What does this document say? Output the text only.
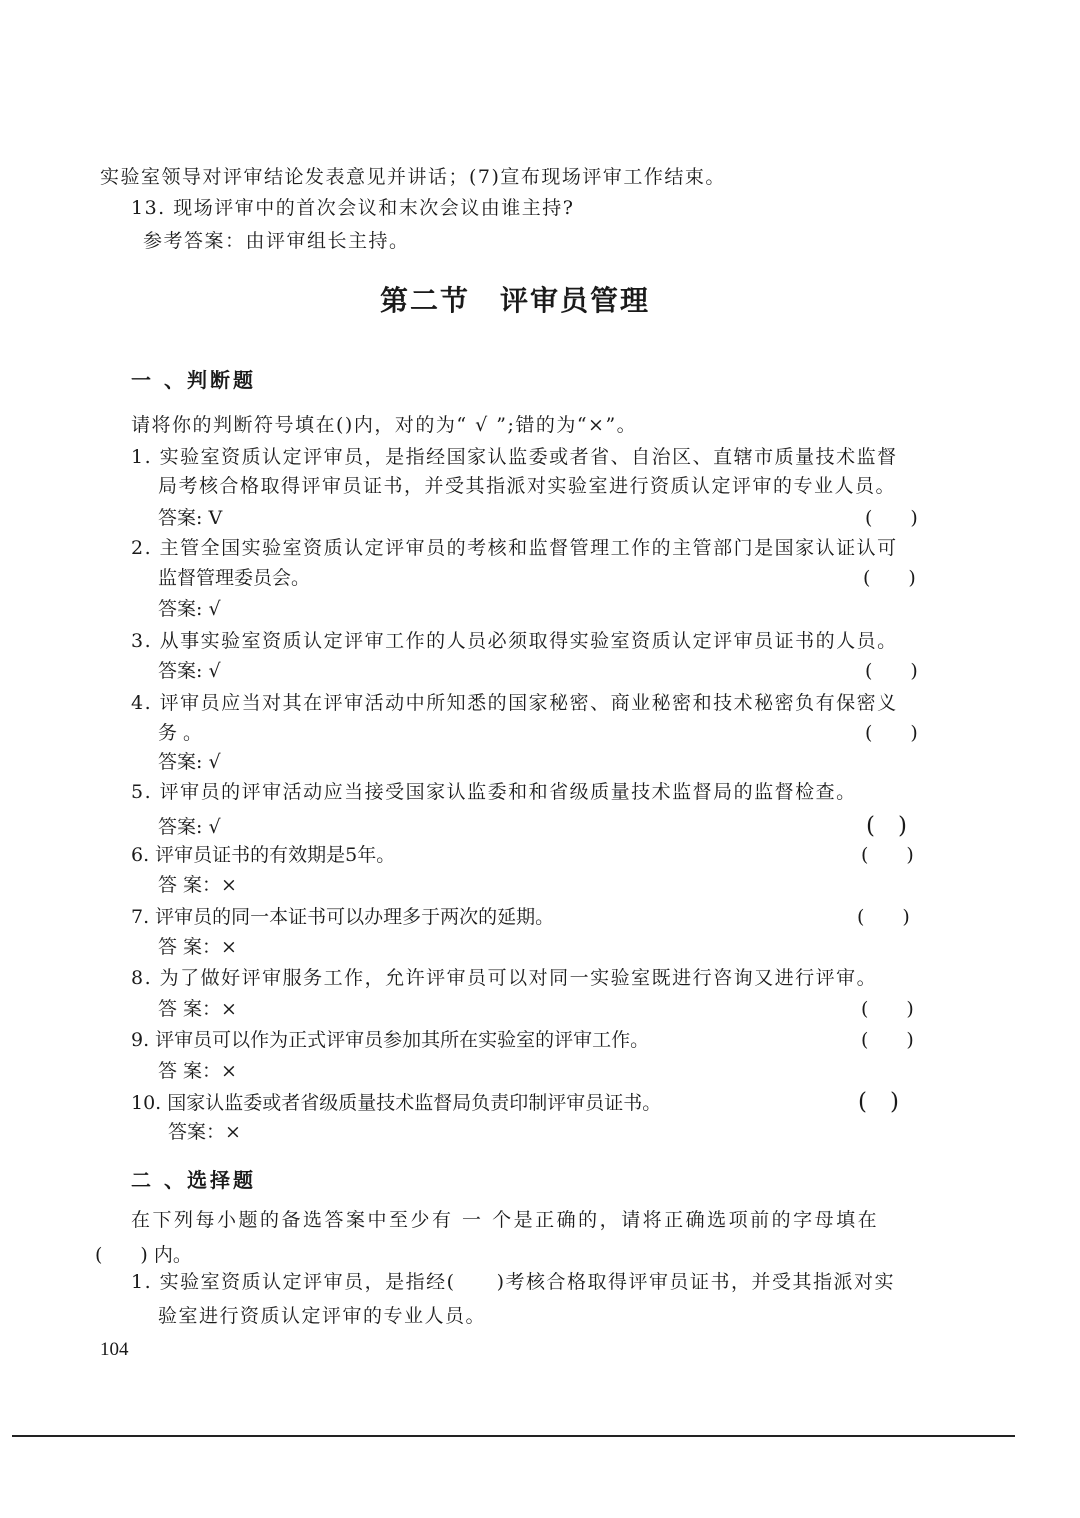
实验室领导对评审结论发表意见并讲话；(7)宣布现场评审工作结束。
13. 现场评审中的首次会议和末次会议由谁主持?
参考答案：由评审组长主持。
第二节　评审员管理
一 、判断题
请将你的判断符号填在()内，对的为“ √ ”;错的为“×”。
1. 实验室资质认定评审员，是指经国家认监委或者省、自治区、直辖市质量技术监督
局考核合格取得评审员证书，并受其指派对实验室进行资质认定评审的专业人员。
答案: V	(　　)
2. 主管全国实验室资质认定评审员的考核和监督管理工作的主管部门是国家认证认可
监督管理委员会。	(　　)
答案: √
3. 从事实验室资质认定评审工作的人员必须取得实验室资质认定评审员证书的人员。
答案: √	(　　)
4. 评审员应当对其在评审活动中所知悉的国家秘密、商业秘密和技术秘密负有保密义
务 。	(　　)
答案: √
5. 评审员的评审活动应当接受国家认监委和和省级质量技术监督局的监督检查。
答案: √	(　)
6. 评审员证书的有效期是5年。	(　　)
答 案：×
7. 评审员的同一本证书可以办理多于两次的延期。	(　　)
答 案：×
8. 为了做好评审服务工作，允许评审员可以对同一实验室既进行咨询又进行评审。
答 案：×	(　　)
9. 评审员可以作为正式评审员参加其所在实验室的评审工作。	(　　)
答 案：×
10. 国家认监委或者省级质量技术监督局负责印制评审员证书。	(　)
答案：×
二 、选择题
在下列每小题的备选答案中至少有 一 个是正确的，请将正确选项前的字母填在
(　　) 内。
1. 实验室资质认定评审员，是指经(　　)考核合格取得评审员证书，并受其指派对实
验室进行资质认定评审的专业人员。
104
